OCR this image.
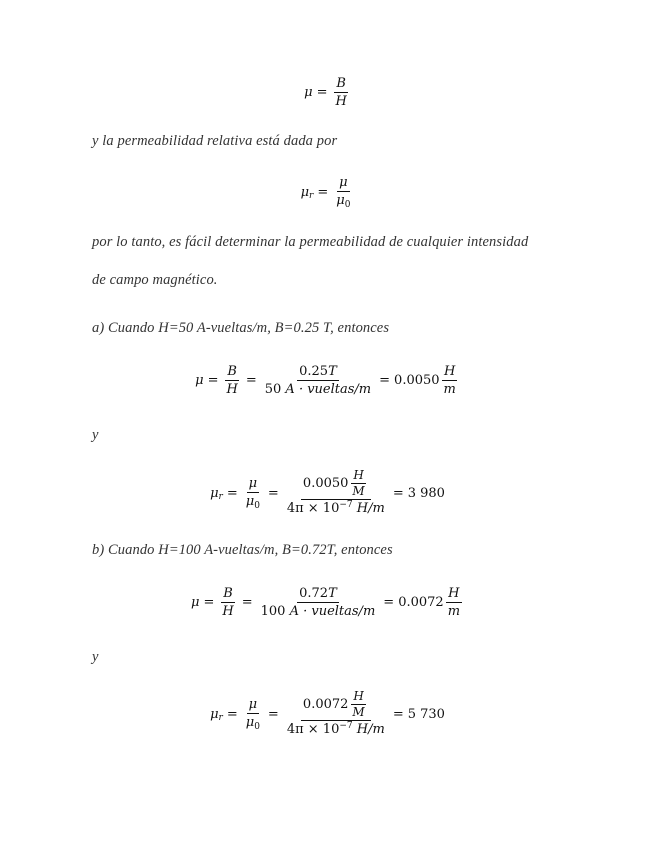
$\mu = \frac{B}{H}$
y la permeabilidad relativa está dada por
μ $r = \frac{\mu}{\mu_0}$
por lo tanto, es fácil determinar la permeabilidad de cualquier intensidad
de campo magnético.
a) Cuando H=50 A-vueltas/m, B=0.25 T, entonces
$\mu = \frac{B}{H} = \frac{0.25T}{\text{50 A · vueltas/m}} = 0.0050 \frac{H}{m}$
y
μ $r = \frac{\mu}{\mu_0} = \frac{0.0050 \frac{H}{M}}{4\pi \times 10^{-7} H/m} = 3$ 980
b) Cuando H=100 A-vueltas/m, B=0.72T, entonces
$\mu = \frac{B}{H} = \frac{0.72T}{\text{100 A · vueltas/m}} = 0.0072 \frac{H}{m}$
y
μ $r = \frac{\mu}{\mu_0} = \frac{0.0072 \frac{H}{M}}{4\pi \times 10^{-7} H/m} = 5$ 730
